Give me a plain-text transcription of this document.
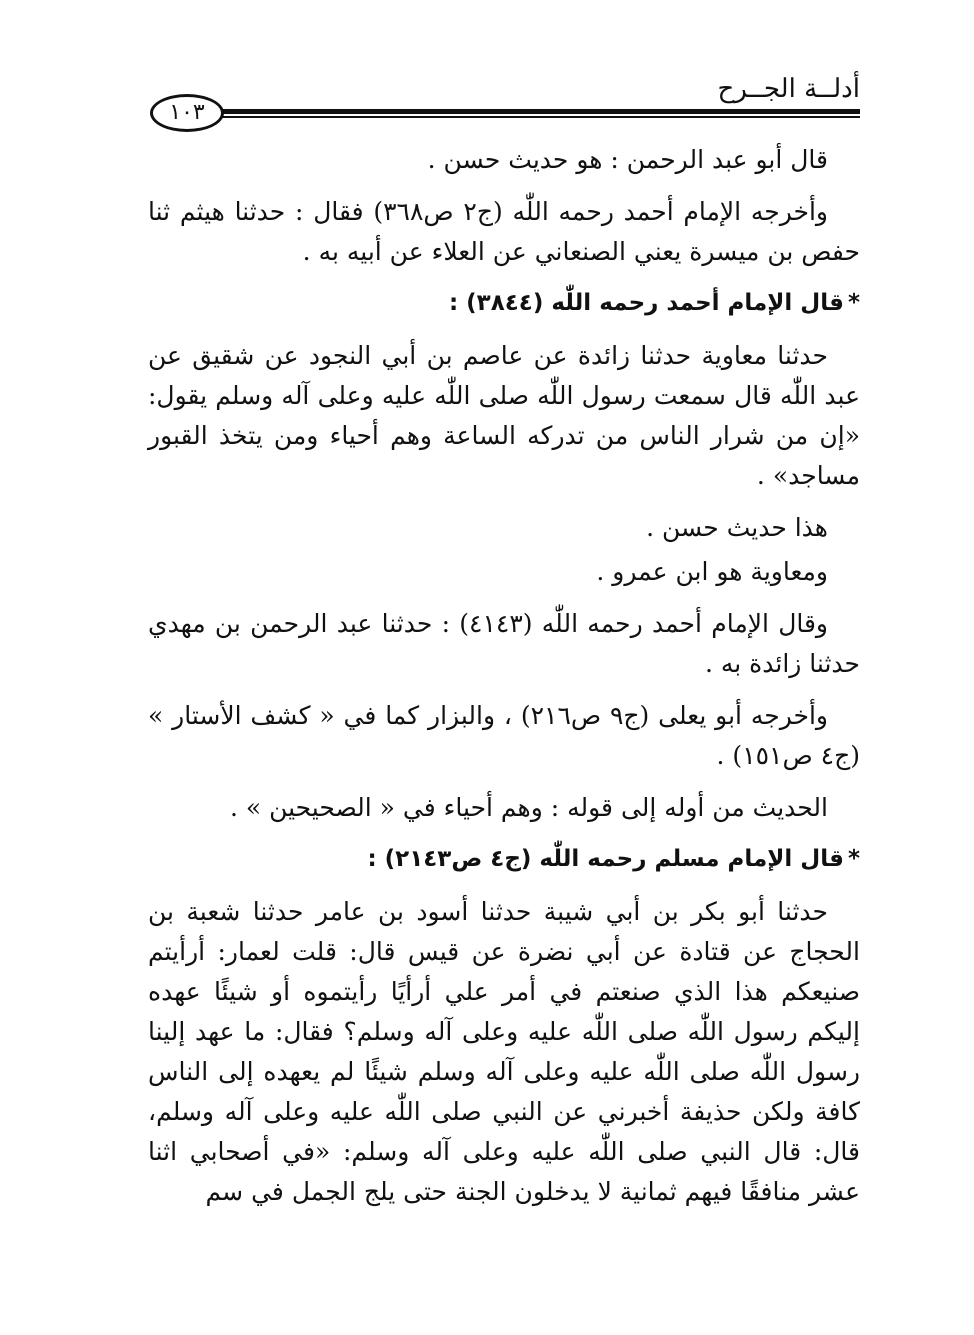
أدلــة الجــرح
١٠٣

قال أبو عبد الرحمن : هو حديث حسن .

وأخرجه الإمام أحمد رحمه اللّٰه (ج٢ ص٣٦٨) فقال : حدثنا هيثم ثنا حفص بن ميسرة يعني الصنعاني عن العلاء عن أبيه به .

*قال الإمام أحمد رحمه اللّٰه (٣٨٤٤) :

حدثنا معاوية حدثنا زائدة عن عاصم بن أبي النجود عن شقيق عن عبد اللّٰه قال سمعت رسول اللّٰه صلى اللّٰه عليه وعلى آله وسلم يقول: «إن من شرار الناس من تدركه الساعة وهم أحياء ومن يتخذ القبور مساجد» .

هذا حديث حسن .

ومعاوية هو ابن عمرو .

وقال الإمام أحمد رحمه اللّٰه (٤١٤٣) : حدثنا عبد الرحمن بن مهدي حدثنا زائدة به .

وأخرجه أبو يعلى (ج٩ ص٢١٦) ، والبزار كما في « كشف الأستار » (ج٤ ص١٥١) .

الحديث من أوله إلى قوله : وهم أحياء في « الصحيحين » .

*قال الإمام مسلم رحمه اللّٰه (ج٤ ص٢١٤٣) :

حدثنا أبو بكر بن أبي شيبة حدثنا أسود بن عامر حدثنا شعبة بن الحجاج عن قتادة عن أبي نضرة عن قيس قال: قلت لعمار: أرأيتم صنيعكم هذا الذي صنعتم في أمر علي أرأيًا رأيتموه أو شيئًا عهده إليكم رسول اللّٰه صلى اللّٰه عليه وعلى آله وسلم؟ فقال: ما عهد إلينا رسول اللّٰه صلى اللّٰه عليه وعلى آله وسلم شيئًا لم يعهده إلى الناس كافة ولكن حذيفة أخبرني عن النبي صلى اللّٰه عليه وعلى آله وسلم، قال: قال النبي صلى اللّٰه عليه وعلى آله وسلم: «في أصحابي اثنا عشر منافقًا فيهم ثمانية لا يدخلون الجنة حتى يلج الجمل في سم
